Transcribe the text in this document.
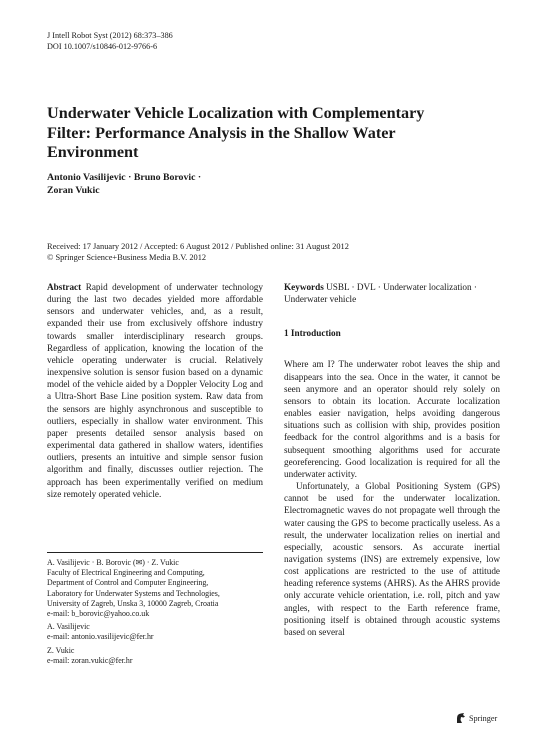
J Intell Robot Syst (2012) 68:373–386
DOI 10.1007/s10846-012-9766-6
Underwater Vehicle Localization with Complementary Filter: Performance Analysis in the Shallow Water Environment
Antonio Vasilijevic · Bruno Borovic ·
Zoran Vukic
Received: 17 January 2012 / Accepted: 6 August 2012 / Published online: 31 August 2012
© Springer Science+Business Media B.V. 2012

Abstract Rapid development of underwater technology during the last two decades yielded more affordable sensors and underwater vehicles, and, as a result, expanded their use from exclusively offshore industry towards smaller interdisciplinary research groups. Regardless of application, knowing the location of the vehicle operating underwater is crucial. Relatively inexpensive solution is sensor fusion based on a dynamic model of the vehicle aided by a Doppler Velocity Log and a Ultra-Short Base Line position system. Raw data from the sensors are highly asynchronous and susceptible to outliers, especially in shallow water environment. This paper presents detailed sensor analysis based on experimental data gathered in shallow waters, identifies outliers, presents an intuitive and simple sensor fusion algorithm and finally, discusses outlier rejection. The approach has been experimentally verified on medium size remotely operated vehicle.

A. Vasilijevic · B. Borovic (✉) · Z. Vukic
Faculty of Electrical Engineering and Computing,
Department of Control and Computer Engineering,
Laboratory for Underwater Systems and Technologies,
University of Zagreb, Unska 3, 10000 Zagreb, Croatia
e-mail: b_borovic@yahoo.co.uk

A. Vasilijevic
e-mail: antonio.vasilijevic@fer.hr

Z. Vukic
e-mail: zoran.vukic@fer.hr

Keywords USBL · DVL · Underwater localization · Underwater vehicle

1 Introduction

Where am I? The underwater robot leaves the ship and disappears into the sea. Once in the water, it cannot be seen anymore and an operator should rely solely on sensors to obtain its location. Accurate localization enables easier navigation, helps avoiding dangerous situations such as collision with ship, provides position feedback for the control algorithms and is a basis for subsequent smoothing algorithms used for accurate georeferencing. Good localization is required for all the underwater activity.

Unfortunately, a Global Positioning System (GPS) cannot be used for the underwater localization. Electromagnetic waves do not propagate well through the water causing the GPS to become practically useless. As a result, the underwater localization relies on inertial and especially, acoustic sensors. As accurate inertial navigation systems (INS) are extremely expensive, low cost applications are restricted to the use of attitude heading reference systems (AHRS). As the AHRS provide only accurate vehicle orientation, i.e. roll, pitch and yaw angles, with respect to the Earth reference frame, positioning itself is obtained through acoustic systems based on several

Springer
